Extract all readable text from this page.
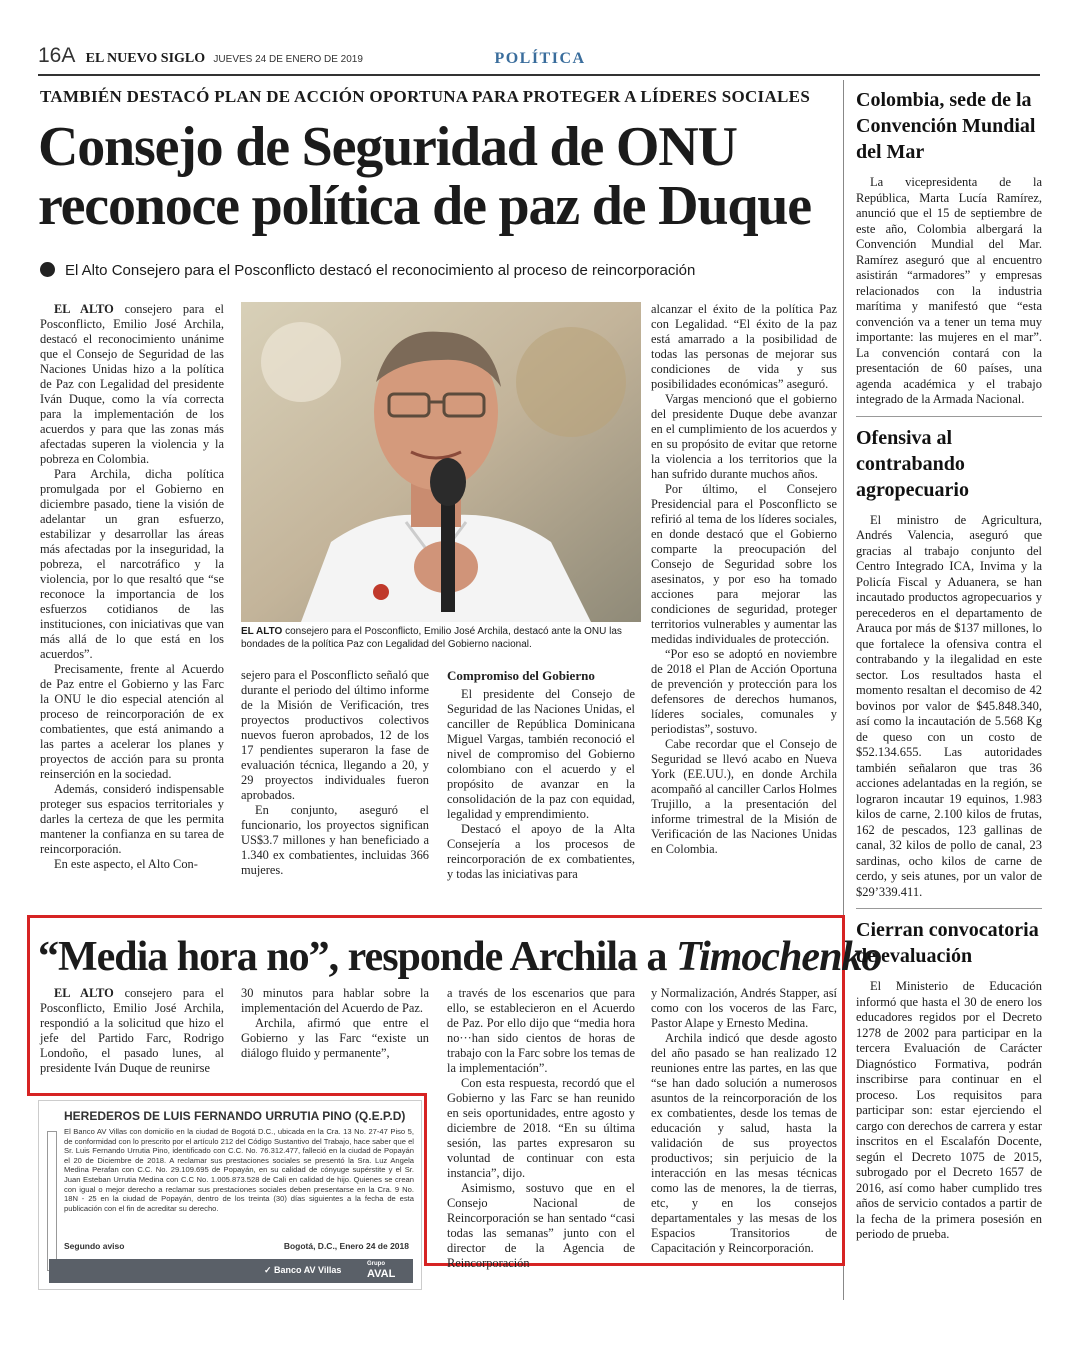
16A EL NUEVO SIGLO JUEVES 24 DE ENERO DE 2019	POLÍTICA
TAMBIÉN DESTACÓ PLAN DE ACCIÓN OPORTUNA PARA PROTEGER A LÍDERES SOCIALES
Consejo de Seguridad de ONU reconoce política de paz de Duque
El Alto Consejero para el Posconflicto destacó el reconocimiento al proceso de reincorporación

EL ALTO consejero para el Posconflicto, Emilio José Archila, destacó el reconocimiento unánime que el Consejo de Seguridad de las Naciones Unidas hizo a la política de Paz con Legalidad del presidente Iván Duque, como la vía correcta para la implementación de los acuerdos y para que las zonas más afectadas superen la violencia y la pobreza en Colombia.

Para Archila, dicha política promulgada por el Gobierno en diciembre pasado, tiene la visión de adelantar un gran esfuerzo, estabilizar y desarrollar las áreas más afectadas por la inseguridad, la pobreza, el narcotráfico y la violencia, por lo que resaltó que “se reconoce la importancia de los esfuerzos cotidianos de las instituciones, con iniciativas que van más allá de lo que está en los acuerdos”.

Precisamente, frente al Acuerdo de Paz entre el Gobierno y las Farc la ONU le dio especial atención al proceso de reincorporación de ex combatientes, que está animando a las partes a acelerar los planes y proyectos de acción para su pronta reinserción en la sociedad.

Además, consideró indispensable proteger sus espacios territoriales y darles la certeza de que les permita mantener la confianza en su tarea de reincorporación.

En este aspecto, el Alto Con-

EL ALTO consejero para el Posconflicto, Emilio José Archila, destacó ante la ONU las bondades de la política Paz con Legalidad del Gobierno nacional.

sejero para el Posconflicto señaló que durante el periodo del último informe de la Misión de Verificación, tres proyectos productivos colectivos nuevos fueron aprobados, 12 de los 17 pendientes superaron la fase de evaluación técnica, llegando a 20, y 29 proyectos individuales fueron aprobados.

En conjunto, aseguró el funcionario, los proyectos significan US$3.7 millones y han beneficiado a 1.340 ex combatientes, incluidas 366 mujeres.

Compromiso del Gobierno

El presidente del Consejo de Seguridad de las Naciones Unidas, el canciller de República Dominicana Miguel Vargas, también reconoció el nivel de compromiso del Gobierno colombiano con el acuerdo y el propósito de avanzar en la consolidación de la paz con equidad, legalidad y emprendimiento.

Destacó el apoyo de la Alta Consejería a los procesos de reincorporación de ex combatientes, y todas las iniciativas para

alcanzar el éxito de la política Paz con Legalidad. “El éxito de la paz está amarrado a la posibilidad de todas las personas de mejorar sus condiciones de vida y sus posibilidades económicas” aseguró.

Vargas mencionó que el gobierno del presidente Duque debe avanzar en el cumplimiento de los acuerdos y en su propósito de evitar que retorne la violencia a los territorios que la han sufrido durante muchos años.

Por último, el Consejero Presidencial para el Posconflicto se refirió al tema de los líderes sociales, en donde destacó que el Gobierno comparte la preocupación del Consejo de Seguridad sobre los asesinatos, y por eso ha tomado acciones para mejorar las condiciones de seguridad, proteger territorios vulnerables y aumentar las medidas individuales de protección.

“Por eso se adoptó en noviembre de 2018 el Plan de Acción Oportuna de prevención y protección para los defensores de derechos humanos, líderes sociales, comunales y periodistas”, sostuvo.

Cabe recordar que el Consejo de Seguridad se llevó acabo en Nueva York (EE.UU.), en donde Archila acompañó al canciller Carlos Holmes Trujillo, a la presentación del informe trimestral de la Misión de Verificación de las Naciones Unidas en Colombia.

“Media hora no”, responde Archila a Timochenko

EL ALTO consejero para el Posconflicto, Emilio José Archila, respondió a la solicitud que hizo el jefe del Partido Farc, Rodrigo Londoño, el pasado lunes, al presidente Iván Duque de reunirse

30 minutos para hablar sobre la implementación del Acuerdo de Paz.

Archila, afirmó que entre el Gobierno y las Farc “existe un diálogo fluido y permanente”,

a través de los escenarios que para ello, se establecieron en el Acuerdo de Paz. Por ello dijo que “media hora no···han sido cientos de horas de trabajo con la Farc sobre los temas de la implementación”.

Con esta respuesta, recordó que el Gobierno y las Farc se han reunido en seis oportunidades, entre agosto y diciembre de 2018. “En su última sesión, las partes expresaron su voluntad de continuar con esta instancia”, dijo.

Asimismo, sostuvo que en el Consejo Nacional de Reincorporación se han sentado “casi todas las semanas” junto con el director de la Agencia de Reincorporación

y Normalización, Andrés Stapper, así como con los voceros de las Farc, Pastor Alape y Ernesto Medina.

Archila indicó que desde agosto del año pasado se han realizado 12 reuniones entre las partes, en las que “se han dado solución a numerosos asuntos de la reincorporación de los ex combatientes, desde los temas de educación y salud, hasta la validación de sus proyectos productivos; sin perjuicio de la interacción en las mesas técnicas como las de menores, la de tierras, etc, y en los consejos departamentales y las mesas de los Espacios Transitorios de Capacitación y Reincorporación.

HEREDEROS DE LUIS FERNANDO URRUTIA PINO (Q.E.P.D)
El Banco AV Villas con domicilio en la ciudad de Bogotá D.C., ubicada en la Cra. 13 No. 27-47 Piso 5, de conformidad con lo prescrito por el artículo 212 del Código Sustantivo del Trabajo, hace saber que el Sr. Luis Fernando Urrutia Pino, identificado con C.C. No. 76.312.477, falleció en la ciudad de Popayán el 20 de Diciembre de 2018. A reclamar sus prestaciones sociales se presentó la Sra. Luz Angela Medina Perafan con C.C. No. 29.109.695 de Popayán, en su calidad de cónyuge supérstite y el Sr. Juan Esteban Urrutia Medina con C.C No. 1.005.873.528 de Cali en calidad de hijo. Quienes se crean con igual o mejor derecho a reclamar sus prestaciones sociales deben presentarse en la Cra. 9 No. 18N - 25 en la ciudad de Popayán, dentro de los treinta (30) días siguientes a la fecha de esta publicación con el fin de acreditar su derecho.
Segundo aviso	Bogotá, D.C., Enero 24 de 2018
✓ Banco AV Villas
Grupo
AVAL
Colombia, sede de la Convención Mundial del Mar

La vicepresidenta de la República, Marta Lucía Ramírez, anunció que el 15 de septiembre de este año, Colombia albergará la Convención Mundial del Mar. Ramírez aseguró que al encuentro asistirán “armadores” y empresas relacionados con la industria marítima y manifestó que “esta convención va a tener un tema muy importante: las mujeres en el mar”. La convención contará con la presentación de 60 países, una agenda académica y el trabajo integrado de la Armada Nacional.

Ofensiva al contrabando agropecuario

El ministro de Agricultura, Andrés Valencia, aseguró que gracias al trabajo conjunto del Centro Integrado ICA, Invima y la Policía Fiscal y Aduanera, se han incautado productos agropecuarios y perecederos en el departamento de Arauca por más de $137 millones, lo que fortalece la ofensiva contra el contrabando y la ilegalidad en este sector. Los resultados hasta el momento resaltan el decomiso de 42 bovinos por valor de $45.848.340, así como la incautación de 5.568 Kg de queso con un costo de $52.134.655. Las autoridades también señalaron que tras 36 acciones adelantadas en la región, se lograron incautar 19 equinos, 1.983 kilos de carne, 2.100 kilos de frutas, 162 de pescados, 123 gallinas de canal, 32 kilos de pollo de canal, 23 sardinas, ocho kilos de carne de cerdo, y seis atunes, por un valor de $29’339.411.

Cierran convocatoria de evaluación

El Ministerio de Educación informó que hasta el 30 de enero los educadores regidos por el Decreto 1278 de 2002 para participar en la tercera Evaluación de Carácter Diagnóstico Formativa, podrán inscribirse para continuar en el proceso. Los requisitos para participar son: estar ejerciendo el cargo con derechos de carrera y estar inscritos en el Escalafón Docente, según el Decreto 1075 de 2015, subrogado por el Decreto 1657 de 2016, así como haber cumplido tres años de servicio contados a partir de la fecha de la primera posesión en periodo de prueba.
